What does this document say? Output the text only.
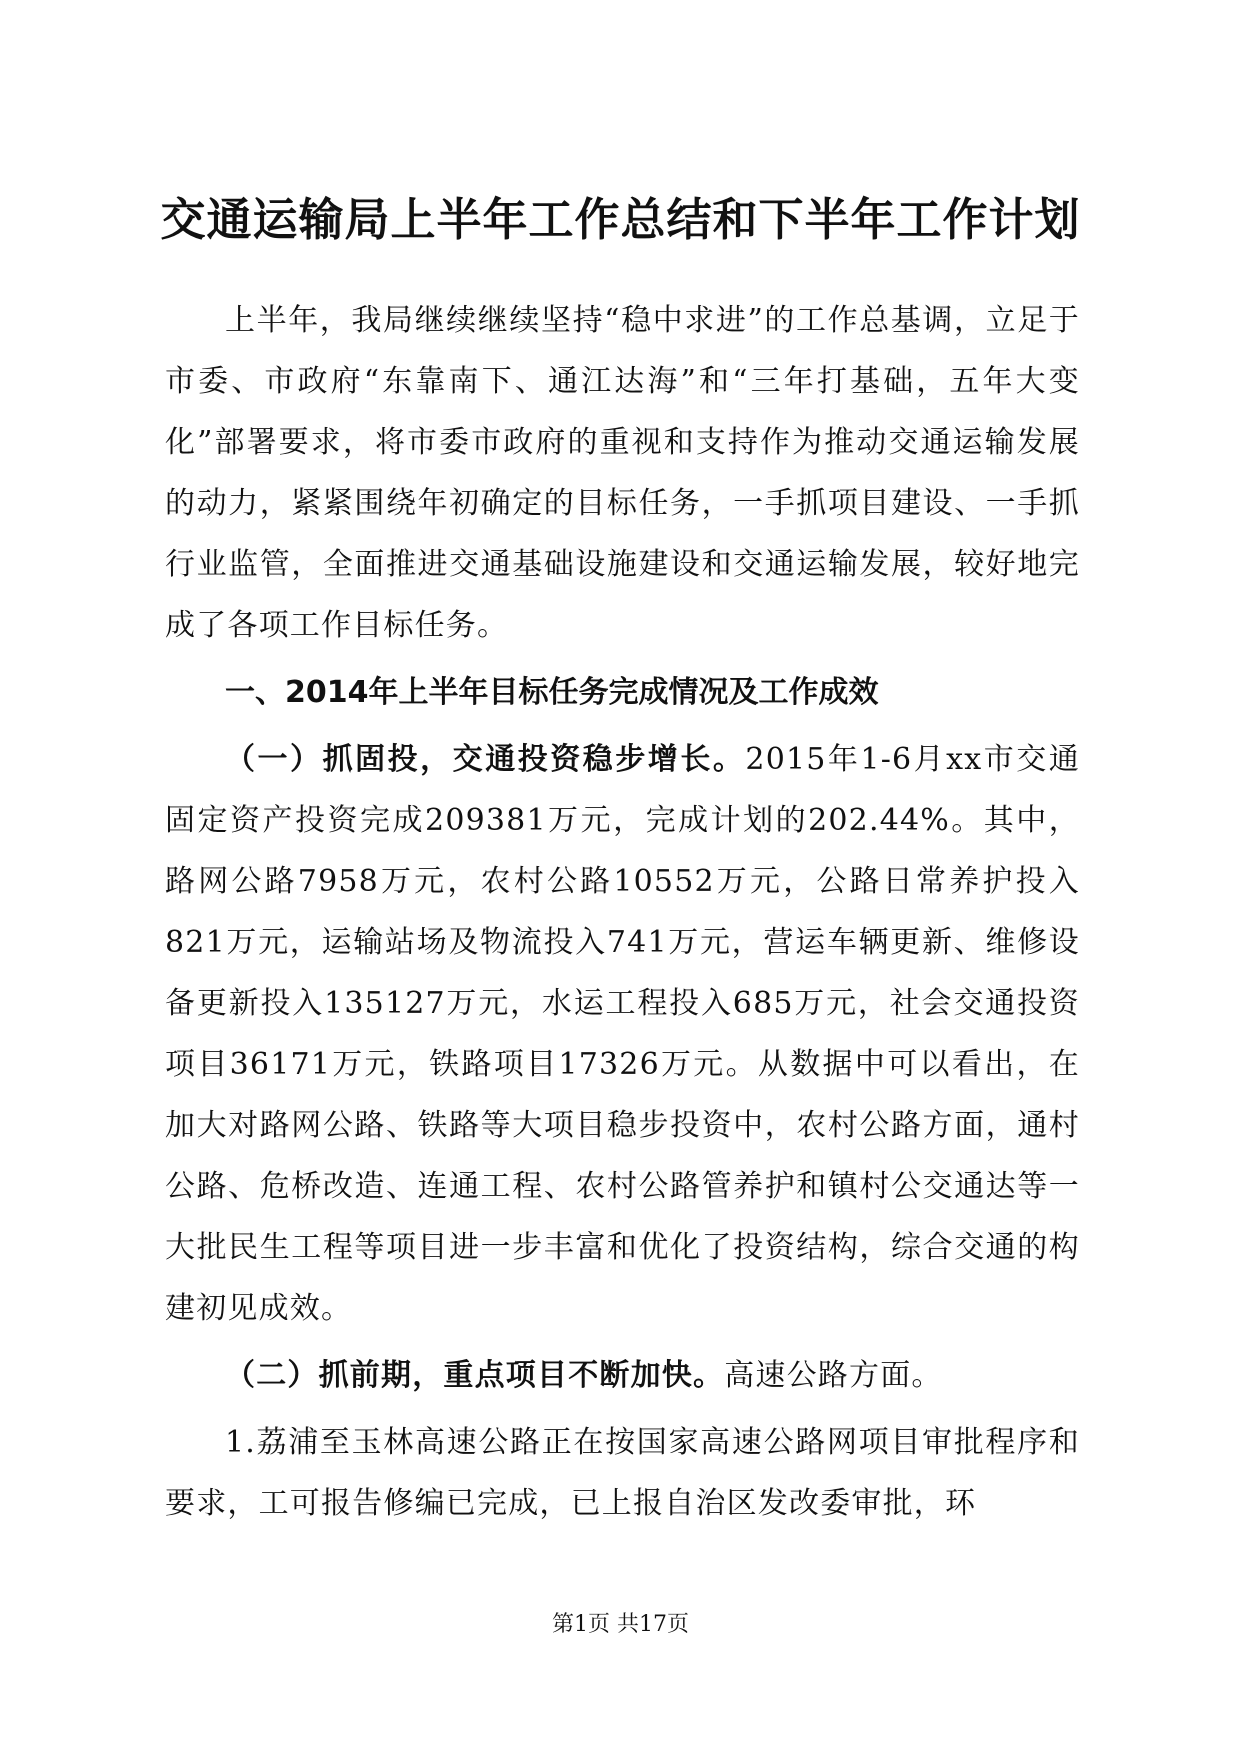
交通运输局上半年工作总结和下半年工作计划

上半年，我局继续继续坚持“稳中求进”的工作总基调，立足于市委、市政府“东靠南下、通江达海”和“三年打基础，五年大变化”部署要求，将市委市政府的重视和支持作为推动交通运输发展的动力，紧紧围绕年初确定的目标任务，一手抓项目建设、一手抓行业监管，全面推进交通基础设施建设和交通运输发展，较好地完成了各项工作目标任务。

一、2014年上半年目标任务完成情况及工作成效

（一）抓固投，交通投资稳步增长。2015年1-6月xx市交通固定资产投资完成209381万元，完成计划的202.44%。其中，路网公路7958万元，农村公路10552万元，公路日常养护投入821万元，运输站场及物流投入741万元，营运车辆更新、维修设备更新投入135127万元，水运工程投入685万元，社会交通投资项目36171万元，铁路项目17326万元。从数据中可以看出，在加大对路网公路、铁路等大项目稳步投资中，农村公路方面，通村公路、危桥改造、连通工程、农村公路管养护和镇村公交通达等一大批民生工程等项目进一步丰富和优化了投资结构，综合交通的构建初见成效。

（二）抓前期，重点项目不断加快。高速公路方面。

1.荔浦至玉林高速公路正在按国家高速公路网项目审批程序和要求，工可报告修编已完成，已上报自治区发改委审批，环

第1页 共17页
